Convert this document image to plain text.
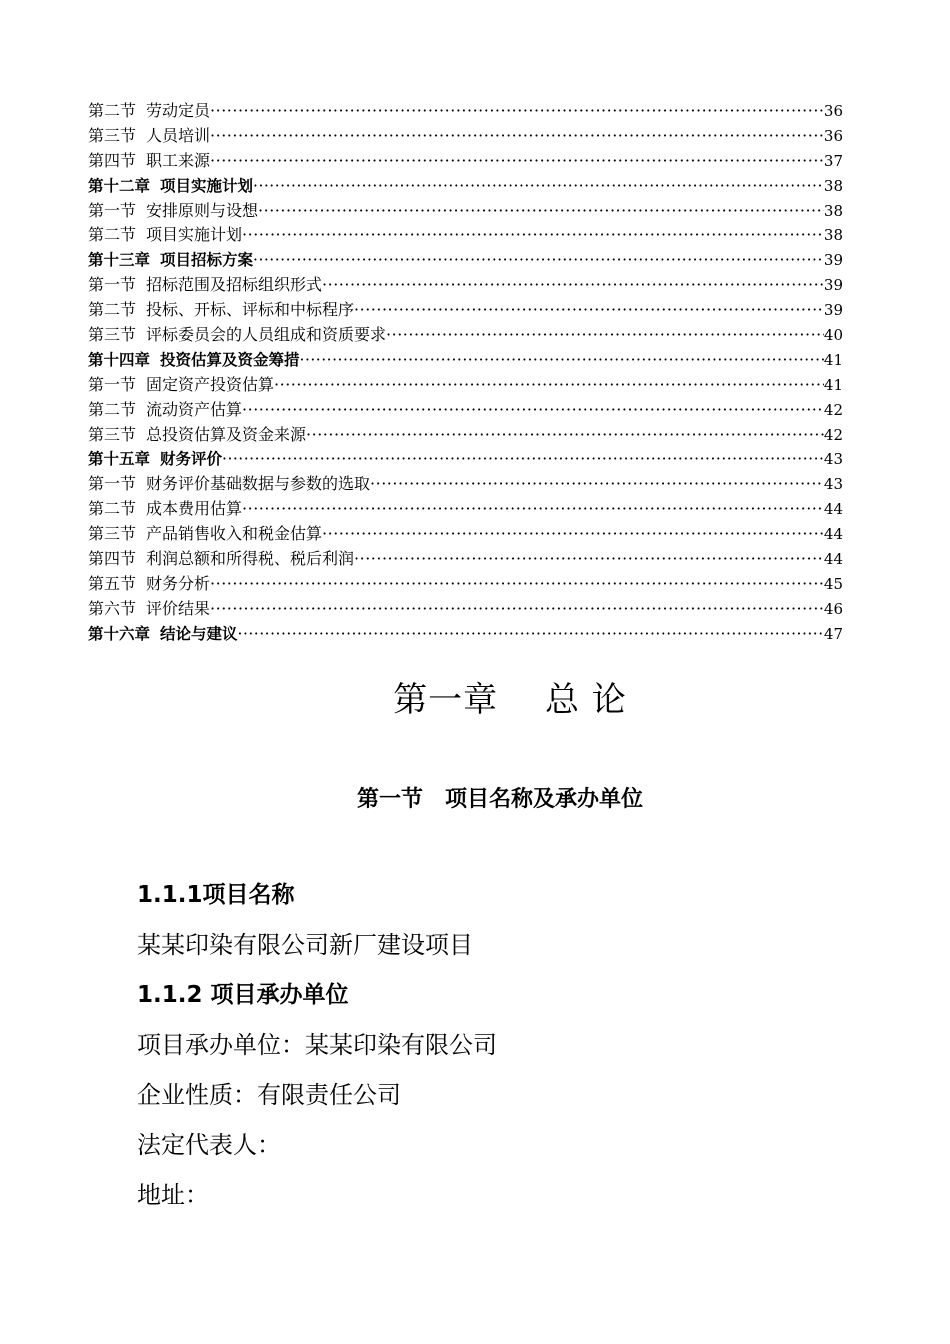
第二节 劳动定员 ·····	36
第三节 人员培训 ·····	36
第四节 职工来源 ·····	37
第十二章 项目实施计划 ·····	38
第一节 安排原则与设想 ·····	38
第二节 项目实施计划 ·····	38
第十三章 项目招标方案 ·····	39
第一节 招标范围及招标组织形式 ·····	39
第二节 投标、开标、评标和中标程序 ·····	39
第三节 评标委员会的人员组成和资质要求 ·····	40
第十四章 投资估算及资金筹措 ·····	41
第一节 固定资产投资估算 ·····	41
第二节 流动资产估算 ·····	42
第三节 总投资估算及资金来源 ·····	42
第十五章 财务评价 ·····	43
第一节 财务评价基础数据与参数的选取 ·····	43
第二节 成本费用估算 ·····	44
第三节 产品销售收入和税金估算 ·····	44
第四节 利润总额和所得税、税后利润 ·····	44
第五节 财务分析 ·····	45
第六节 评价结果 ·····	46
第十六章 结论与建议 ·····	47
第一章　 总 论
第一节　项目名称及承办单位
1.1.1项目名称
某某印染有限公司新厂建设项目
1.1.2 项目承办单位
项目承办单位：某某印染有限公司
企业性质：有限责任公司
法定代表人：
地址：
